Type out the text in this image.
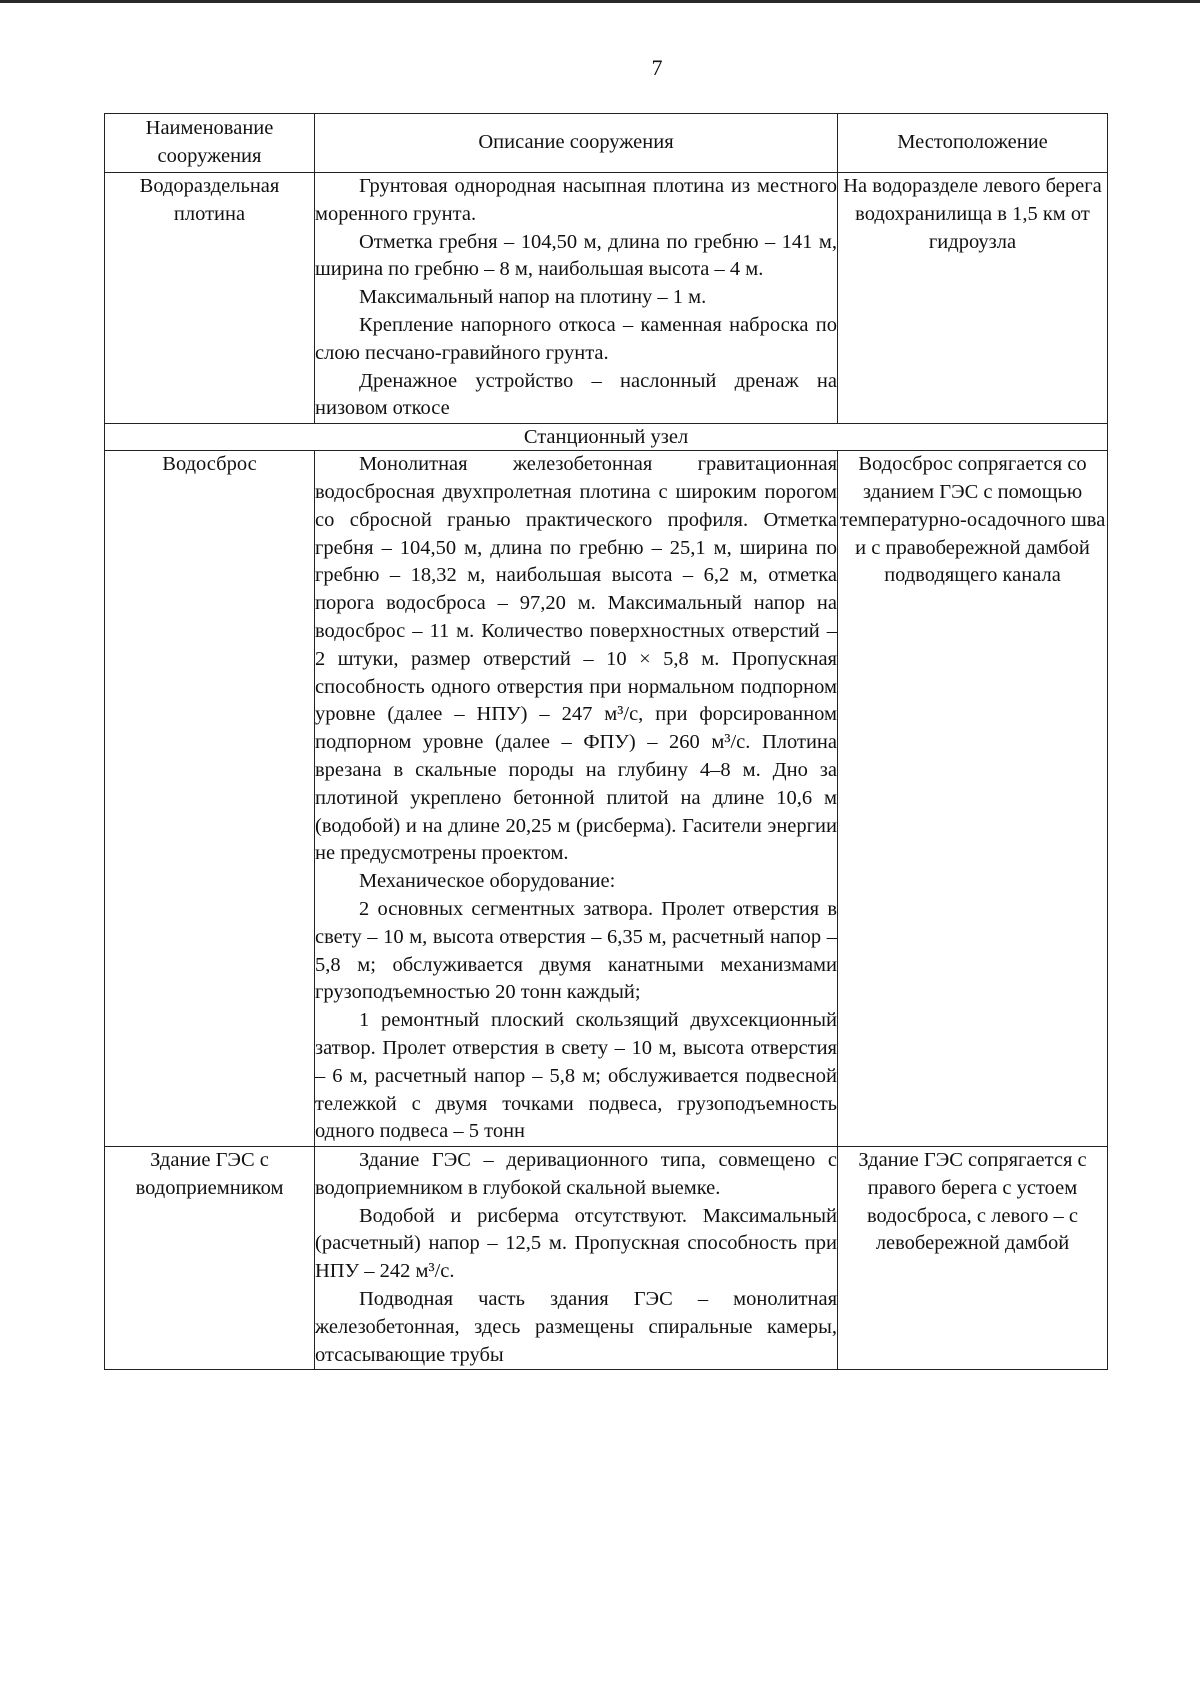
7
Наименование сооружения	Описание сооружения	Местоположение
Водораздельная плотина	Грунтовая однородная насыпная плотина из местного моренного грунта.

Отметка гребня – 104,50 м, длина по гребню – 141 м, ширина по гребню – 8 м, наибольшая высота – 4 м.

Максимальный напор на плотину – 1 м.

Крепление напорного откоса – каменная наброска по слою песчано-гравийного грунта.

Дренажное устройство – наслонный дренаж на низовом откосе	На водоразделе левого берега водохранилища в 1,5 км от гидроузла
Станционный узел		
Водосброс	Монолитная железобетонная гравитационная водосбросная двухпролетная плотина с широким порогом со сбросной гранью практического профиля. Отметка гребня – 104,50 м, длина по гребню – 25,1 м, ширина по гребню – 18,32 м, наибольшая высота – 6,2 м, отметка порога водосброса – 97,20 м. Максимальный напор на водосброс – 11 м. Количество поверхностных отверстий – 2 штуки, размер отверстий – 10 × 5,8 м. Пропускная способность одного отверстия при нормальном подпорном уровне (далее – НПУ) – 247 м³/с, при форсированном подпорном уровне (далее – ФПУ) – 260 м³/с. Плотина врезана в скальные породы на глубину 4–8 м. Дно за плотиной укреплено бетонной плитой на длине 10,6 м (водобой) и на длине 20,25 м (рисберма). Гасители энергии не предусмотрены проектом.

Механическое оборудование:

2 основных сегментных затвора. Пролет отверстия в свету – 10 м, высота отверстия – 6,35 м, расчетный напор – 5,8 м; обслуживается двумя канатными механизмами грузоподъемностью 20 тонн каждый;

1 ремонтный плоский скользящий двухсекционный затвор. Пролет отверстия в свету – 10 м, высота отверстия – 6 м, расчетный напор – 5,8 м; обслуживается подвесной тележкой с двумя точками подвеса, грузоподъемность одного подвеса – 5 тонн	Водосброс сопрягается со зданием ГЭС с помощью температурно-осадочного шва и с правобережной дамбой подводящего канала
Здание ГЭС с водоприемником	Здание ГЭС – деривационного типа, совмещено с водоприемником в глубокой скальной выемке.

Водобой и рисберма отсутствуют. Максимальный (расчетный) напор – 12,5 м. Пропускная способность при НПУ – 242 м³/с.

Подводная часть здания ГЭС – монолитная железобетонная, здесь размещены спиральные камеры, отсасывающие трубы	Здание ГЭС сопрягается с правого берега с устоем водосброса, с левого – с левобережной дамбой
